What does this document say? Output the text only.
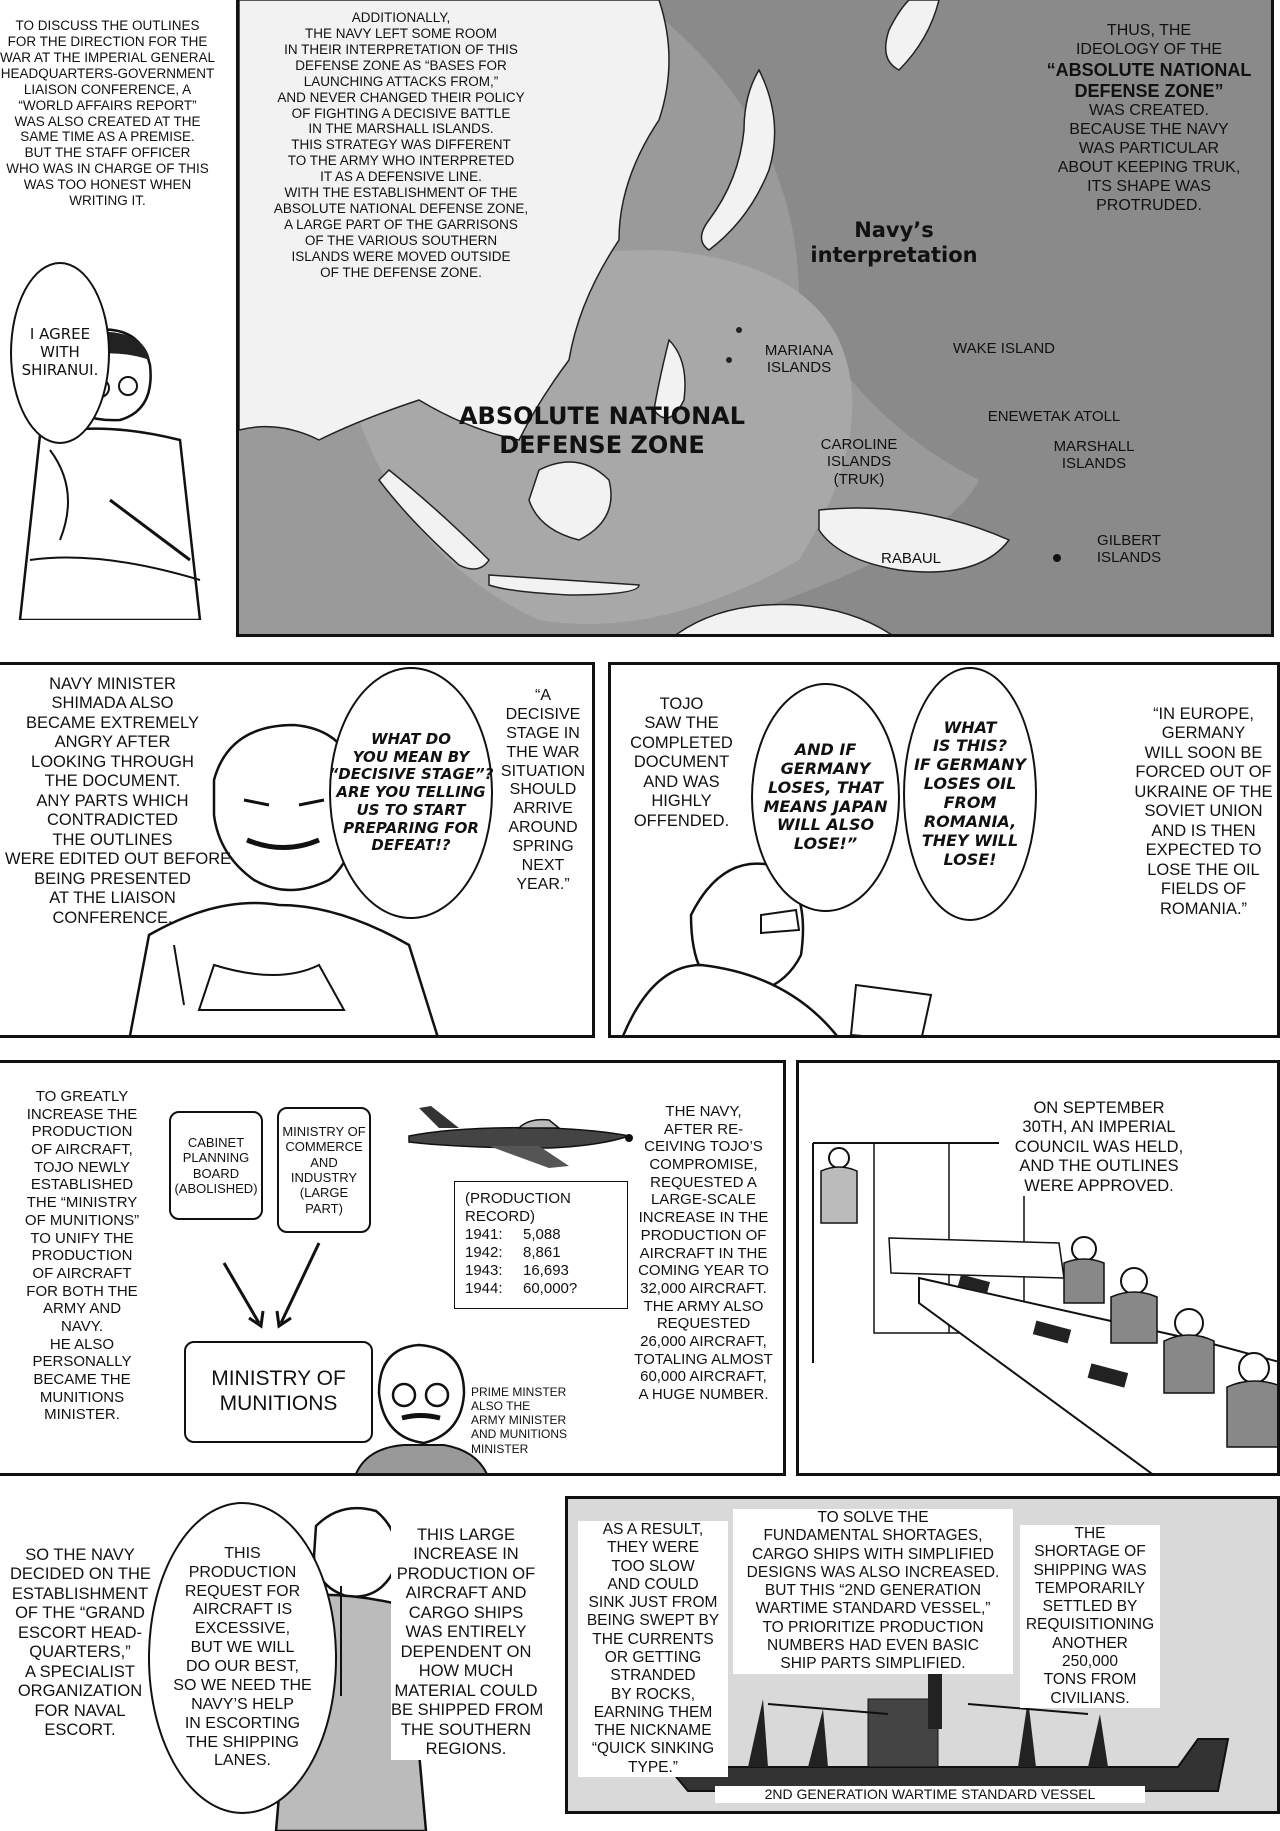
TO DISCUSS THE OUTLINES
FOR THE DIRECTION FOR THE
WAR AT THE IMPERIAL GENERAL
HEADQUARTERS-GOVERNMENT
LIAISON CONFERENCE, A
“WORLD AFFAIRS REPORT”
WAS ALSO CREATED AT THE
SAME TIME AS A PREMISE.
BUT THE STAFF OFFICER
WHO WAS IN CHARGE OF THIS
WAS TOO HONEST WHEN
WRITING IT.
I AGREE
WITH
SHIRANUI.
ADDITIONALLY,
THE NAVY LEFT SOME ROOM
IN THEIR INTERPRETATION OF THIS
DEFENSE ZONE AS “BASES FOR
LAUNCHING ATTACKS FROM,”
AND NEVER CHANGED THEIR POLICY
OF FIGHTING A DECISIVE BATTLE
IN THE MARSHALL ISLANDS.
THIS STRATEGY WAS DIFFERENT
TO THE ARMY WHO INTERPRETED
IT AS A DEFENSIVE LINE.
WITH THE ESTABLISHMENT OF THE
ABSOLUTE NATIONAL DEFENSE ZONE,
A LARGE PART OF THE GARRISONS
OF THE VARIOUS SOUTHERN
ISLANDS WERE MOVED OUTSIDE
OF THE DEFENSE ZONE.
THUS, THE
IDEOLOGY OF THE
“ABSOLUTE NATIONAL
DEFENSE ZONE”
WAS CREATED.
BECAUSE THE NAVY
WAS PARTICULAR
ABOUT KEEPING TRUK,
ITS SHAPE WAS
PROTRUDED.
Navy’s
interpretation
ABSOLUTE NATIONAL
DEFENSE ZONE
MARIANA
ISLANDS
WAKE ISLAND
ENEWETAK ATOLL
CAROLINE
ISLANDS
(TRUK)
MARSHALL
ISLANDS
RABAUL
GILBERT
ISLANDS
NAVY MINISTER
SHIMADA ALSO
BECAME EXTREMELY
ANGRY AFTER
LOOKING THROUGH
THE DOCUMENT.
ANY PARTS WHICH
CONTRADICTED
THE OUTLINES
WERE EDITED OUT BEFORE
BEING PRESENTED
AT THE LIAISON
CONFERENCE.
WHAT DO
YOU MEAN BY
“DECISIVE STAGE”?
ARE YOU TELLING
US TO START
PREPARING FOR
DEFEAT!?
“A
DECISIVE
STAGE IN
THE WAR
SITUATION
SHOULD
ARRIVE
AROUND
SPRING
NEXT
YEAR.”
TOJO
SAW THE
COMPLETED
DOCUMENT
AND WAS
HIGHLY
OFFENDED.
AND IF
GERMANY
LOSES, THAT
MEANS JAPAN
WILL ALSO
LOSE!”
WHAT
IS THIS?
IF GERMANY
LOSES OIL
FROM
ROMANIA,
THEY WILL
LOSE!
“IN EUROPE,
GERMANY
WILL SOON BE
FORCED OUT OF
UKRAINE OF THE
SOVIET UNION
AND IS THEN
EXPECTED TO
LOSE THE OIL
FIELDS OF
ROMANIA.”
TO GREATLY
INCREASE THE
PRODUCTION
OF AIRCRAFT,
TOJO NEWLY
ESTABLISHED
THE “MINISTRY
OF MUNITIONS”
TO UNIFY THE
PRODUCTION
OF AIRCRAFT
FOR BOTH THE
ARMY AND
NAVY.
HE ALSO
PERSONALLY
BECAME THE
MUNITIONS
MINISTER.
CABINET
PLANNING
BOARD
(ABOLISHED)
MINISTRY OF
COMMERCE
AND
INDUSTRY
(LARGE
PART)
MINISTRY OF
MUNITIONS
(PRODUCTION
RECORD)
1941: 5,088
1942: 8,861
1943: 16,693
1944: 60,000?
PRIME MINSTER
ALSO THE
ARMY MINISTER
AND MUNITIONS
MINISTER
THE NAVY,
AFTER RE-
CEIVING TOJO’S
COMPROMISE,
REQUESTED A
LARGE-SCALE
INCREASE IN THE
PRODUCTION OF
AIRCRAFT IN THE
COMING YEAR TO
32,000 AIRCRAFT.
THE ARMY ALSO
REQUESTED
26,000 AIRCRAFT,
TOTALING ALMOST
60,000 AIRCRAFT,
A HUGE NUMBER.
ON SEPTEMBER
30TH, AN IMPERIAL
COUNCIL WAS HELD,
AND THE OUTLINES
WERE APPROVED.
SO THE NAVY
DECIDED ON THE
ESTABLISHMENT
OF THE “GRAND
ESCORT HEAD-
QUARTERS,”
A SPECIALIST
ORGANIZATION
FOR NAVAL
ESCORT.
THIS
PRODUCTION
REQUEST FOR
AIRCRAFT IS
EXCESSIVE,
BUT WE WILL
DO OUR BEST,
SO WE NEED THE
NAVY’S HELP
IN ESCORTING
THE SHIPPING
LANES.
THIS LARGE
INCREASE IN
PRODUCTION OF
AIRCRAFT AND
CARGO SHIPS
WAS ENTIRELY
DEPENDENT ON
HOW MUCH
MATERIAL COULD
BE SHIPPED FROM
THE SOUTHERN
REGIONS.
AS A RESULT,
THEY WERE
TOO SLOW
AND COULD
SINK JUST FROM
BEING SWEPT BY
THE CURRENTS
OR GETTING
STRANDED
BY ROCKS,
EARNING THEM
THE NICKNAME
“QUICK SINKING
TYPE.”
TO SOLVE THE
FUNDAMENTAL SHORTAGES,
CARGO SHIPS WITH SIMPLIFIED
DESIGNS WAS ALSO INCREASED.
BUT THIS “2ND GENERATION
WARTIME STANDARD VESSEL,”
TO PRIORITIZE PRODUCTION
NUMBERS HAD EVEN BASIC
SHIP PARTS SIMPLIFIED.
THE
SHORTAGE OF
SHIPPING WAS
TEMPORARILY
SETTLED BY
REQUISITIONING
ANOTHER
250,000
TONS FROM
CIVILIANS.
2ND GENERATION WARTIME STANDARD VESSEL
